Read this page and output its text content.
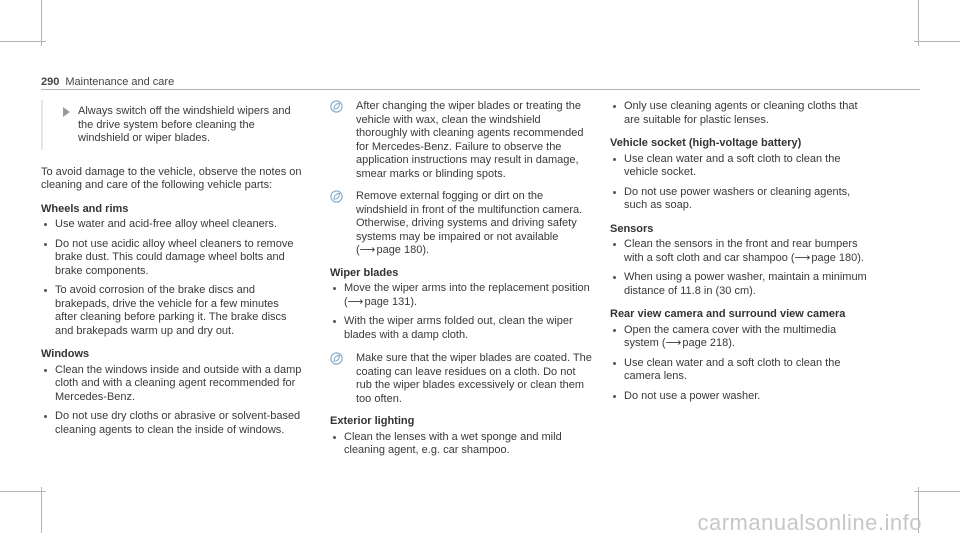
290 Maintenance and care

Always switch off the windshield wipers and the drive system before cleaning the windshield or wiper blades.

To avoid damage to the vehicle, observe the notes on cleaning and care of the following vehicle parts:

Wheels and rims
Use water and acid-free alloy wheel cleaners.
Do not use acidic alloy wheel cleaners to remove brake dust. This could damage wheel bolts and brake components.
To avoid corrosion of the brake discs and brakepads, drive the vehicle for a few minutes after cleaning before parking it. The brake discs and brakepads warm up and dry out.
Windows
Clean the windows inside and outside with a damp cloth and with a cleaning agent recommended for Mercedes-Benz.
Do not use dry cloths or abrasive or solvent-based cleaning agents to clean the inside of windows.

After changing the wiper blades or treating the vehicle with wax, clean the windshield thoroughly with cleaning agents recommended for Mercedes-Benz. Failure to observe the application instructions may result in damage, smear marks or blinding spots.

Remove external fogging or dirt on the windshield in front of the multifunction camera. Otherwise, driving systems and driving safety systems may be impaired or not available (⟶page 180).

Wiper blades
Move the wiper arms into the replacement position (⟶page 131).
With the wiper arms folded out, clean the wiper blades with a damp cloth.

Make sure that the wiper blades are coated. The coating can leave residues on a cloth. Do not rub the wiper blades excessively or clean them too often.

Exterior lighting
Clean the lenses with a wet sponge and mild cleaning agent, e.g. car shampoo.
Only use cleaning agents or cleaning cloths that are suitable for plastic lenses.
Vehicle socket (high-voltage battery)
Use clean water and a soft cloth to clean the vehicle socket.
Do not use power washers or cleaning agents, such as soap.
Sensors
Clean the sensors in the front and rear bumpers with a soft cloth and car shampoo (⟶page 180).
When using a power washer, maintain a minimum distance of 11.8 in (30 cm).
Rear view camera and surround view camera
Open the camera cover with the multimedia system (⟶page 218).
Use clean water and a soft cloth to clean the camera lens.
Do not use a power washer.
carmanualsonline.info
